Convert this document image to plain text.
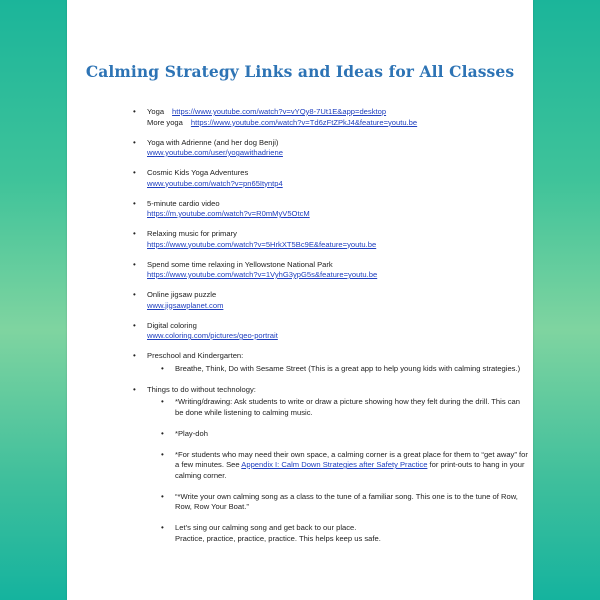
Calming Strategy Links and Ideas for All Classes
• Yoga https://www.youtube.com/watch?v=vYQy8-7Ut1E&app=desktop
More yoga https://www.youtube.com/watch?v=Td6zFtZPkJ4&feature=youtu.be
• Yoga with Adrienne (and her dog Benji)
www.youtube.com/user/yogawithadriene
• Cosmic Kids Yoga Adventures
www.youtube.com/watch?v=pn65Ityntp4
• 5-minute cardio video
https://m.youtube.com/watch?v=R0mMyV5OtcM
• Relaxing music for primary
https://www.youtube.com/watch?v=5HrkXT5Bc9E&feature=youtu.be
• Spend some time relaxing in Yellowstone National Park
https://www.youtube.com/watch?v=1VyhG3ypG5s&feature=youtu.be
• Online jigsaw puzzle
www.jigsawplanet.com
• Digital coloring
www.coloring.com/pictures/geo-portrait
• Preschool and Kindergarten:
• Breathe, Think, Do with Sesame Street (This is a great app to help young kids with calming strategies.)
• Things to do without technology:
• *Writing/drawing: Ask students to write or draw a picture showing how they felt during the drill. This can be done while listening to calming music.
• *Play-doh
• *For students who may need their own space, a calming corner is a great place for them to “get away” for a few minutes. See Appendix I: Calm Down Strategies after Safety Practice for print-outs to hang in your calming corner.
• “*Write your own calming song as a class to the tune of a familiar song. This one is to the tune of Row, Row, Row Your Boat.”
• Let’s sing our calming song and get back to our place.
Practice, practice, practice, practice. This helps keep us safe.
